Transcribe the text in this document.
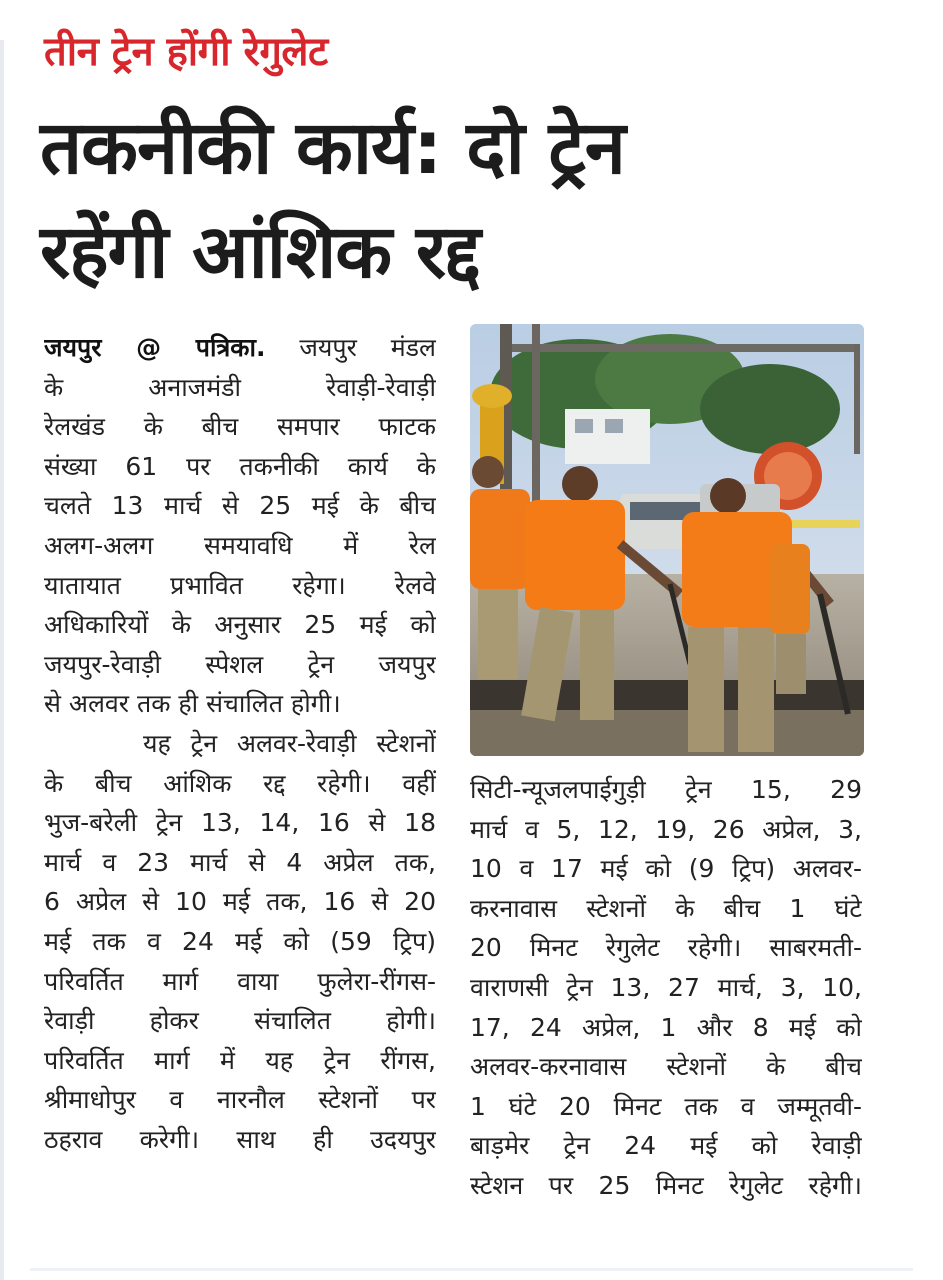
तीन ट्रेन होंगी रेगुलेट
तकनीकी कार्य: दो ट्रेन
रहेंगी आंशिक रद्द
जयपुर @ पत्रिका. जयपुर मंडल
के अनाजमंडी रेवाड़ी-रेवाड़ी
रेलखंड के बीच समपार फाटक
संख्या 61 पर तकनीकी कार्य के
चलते 13 मार्च से 25 मई के बीच
अलग-अलग समयावधि में रेल
यातायात प्रभावित रहेगा। रेलवे
अधिकारियों के अनुसार 25 मई को
जयपुर-रेवाड़ी स्पेशल ट्रेन जयपुर
से अलवर तक ही संचालित होगी।
यह ट्रेन अलवर-रेवाड़ी स्टेशनों
के बीच आंशिक रद्द रहेगी। वहीं
भुज-बरेली ट्रेन 13, 14, 16 से 18
मार्च व 23 मार्च से 4 अप्रेल तक,
6 अप्रेल से 10 मई तक, 16 से 20
मई तक व 24 मई को (59 ट्रिप)
परिवर्तित मार्ग वाया फुलेरा-रींगस-
रेवाड़ी होकर संचालित होगी।
परिवर्तित मार्ग में यह ट्रेन रींगस,
श्रीमाधोपुर व नारनौल स्टेशनों पर
ठहराव करेगी। साथ ही उदयपुर
सिटी-न्यूजलपाईगुड़ी ट्रेन 15, 29
मार्च व 5, 12, 19, 26 अप्रेल, 3,
10 व 17 मई को (9 ट्रिप) अलवर-
करनावास स्टेशनों के बीच 1 घंटे
20 मिनट रेगुलेट रहेगी। साबरमती-
वाराणसी ट्रेन 13, 27 मार्च, 3, 10,
17, 24 अप्रेल, 1 और 8 मई को
अलवर-करनावास स्टेशनों के बीच
1 घंटे 20 मिनट तक व जम्मूतवी-
बाड़मेर ट्रेन 24 मई को रेवाड़ी
स्टेशन पर 25 मिनट रेगुलेट रहेगी।
